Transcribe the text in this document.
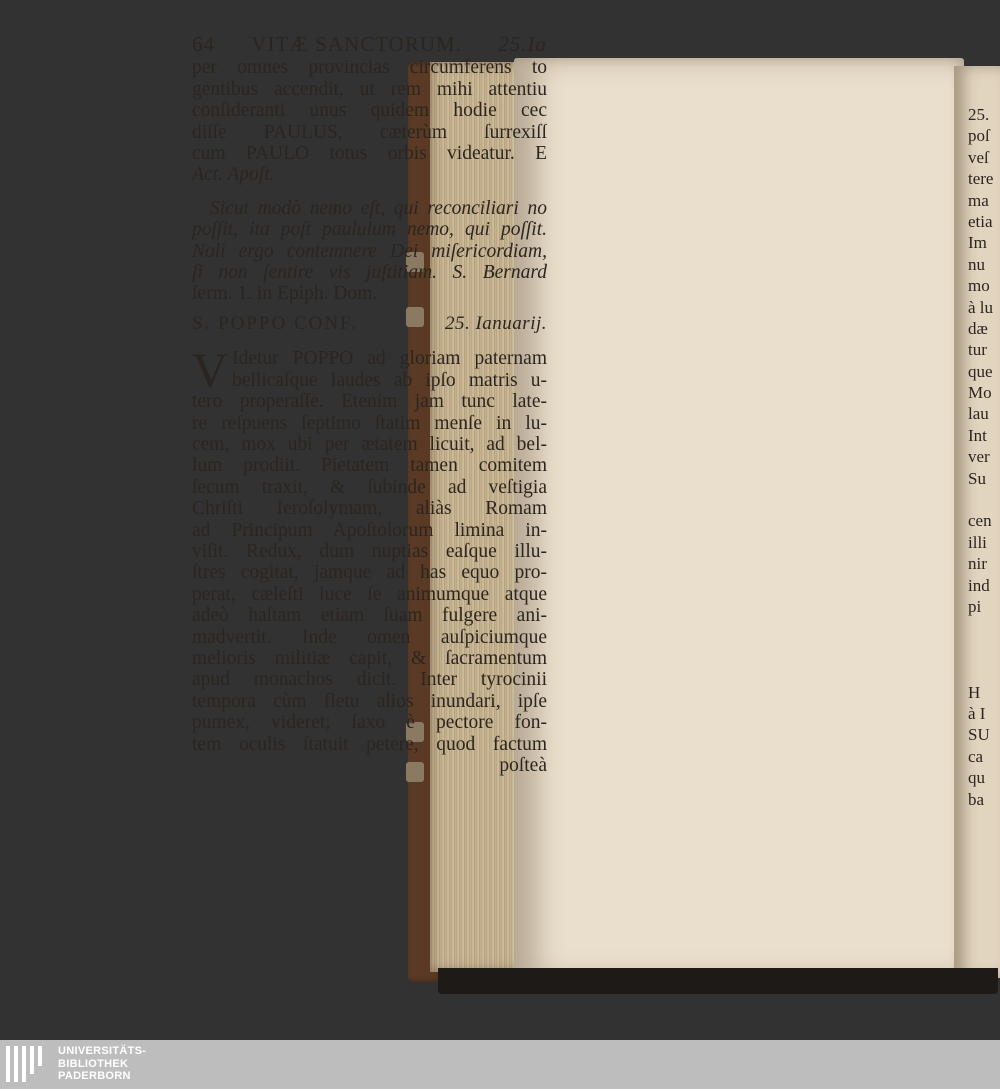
64 VITÆ SANCTORUM. 25.Ia
per omnes provincias circumferens to
gentibus accendit, ut rem mihi attentiu
conſideranti unus quidem hodie cec
diſſe PAULUS, cæterùm ſurrexiſſ
cum PAULO totus orbis videatur. E
Act. Apoſt.
Sicut modò nemo eſt, qui reconciliari no
poſſit, ita poſt paululum nemo, qui poſſit.
Noli ergo contemnere Dei miſericordiam,
ſi non ſentire vis juſtitiam. S. Bernard
ſerm. 1. in Epiph. Dom.
S. POPPO CONF.	25. Ianuarij.
V Idetur POPPO ad gloriam paternam
bellicaſque laudes ab ipſo matris u-
tero properaſſe. Etenim jam tunc late-
re reſpuens ſeptimo ſtatim menſe in lu-
cem, mox ubi per ætatem licuit, ad bel-
lum prodiit. Pietatem tamen comitem
ſecum traxit, & ſubinde ad veſtigia
Chriſti Ieroſolymam, aliàs Romam
ad Principum Apoſtolorum limina in-
viſit. Redux, dum nuptias eaſque illu-
ſtres cogitat, jamque ad has equo pro-
perat, cæleſti luce ſe animumque atque
adeò haſtam etiam ſuam fulgere ani-
madvertit. Inde omen auſpiciumque
melioris militiæ capit, & ſacramentum
apud monachos dicit. Inter tyrocinii
tempora cùm fletu alios inundari, ipſe
pumex, videret; ſaxo è pectore fon-
tem oculis ſtatuit petere, quod factum
poſteà
25.
poſ
veſ
tere
ma
etia
Im
nu
mo
à lu
dæ
tur
que
Mo
lau
Int
ver
Su
cen
illi
nir
ind
pi
H
à I
SU
ca
qu
ba
UNIVERSITÄTS-
BIBLIOTHEK
PADERBORN
